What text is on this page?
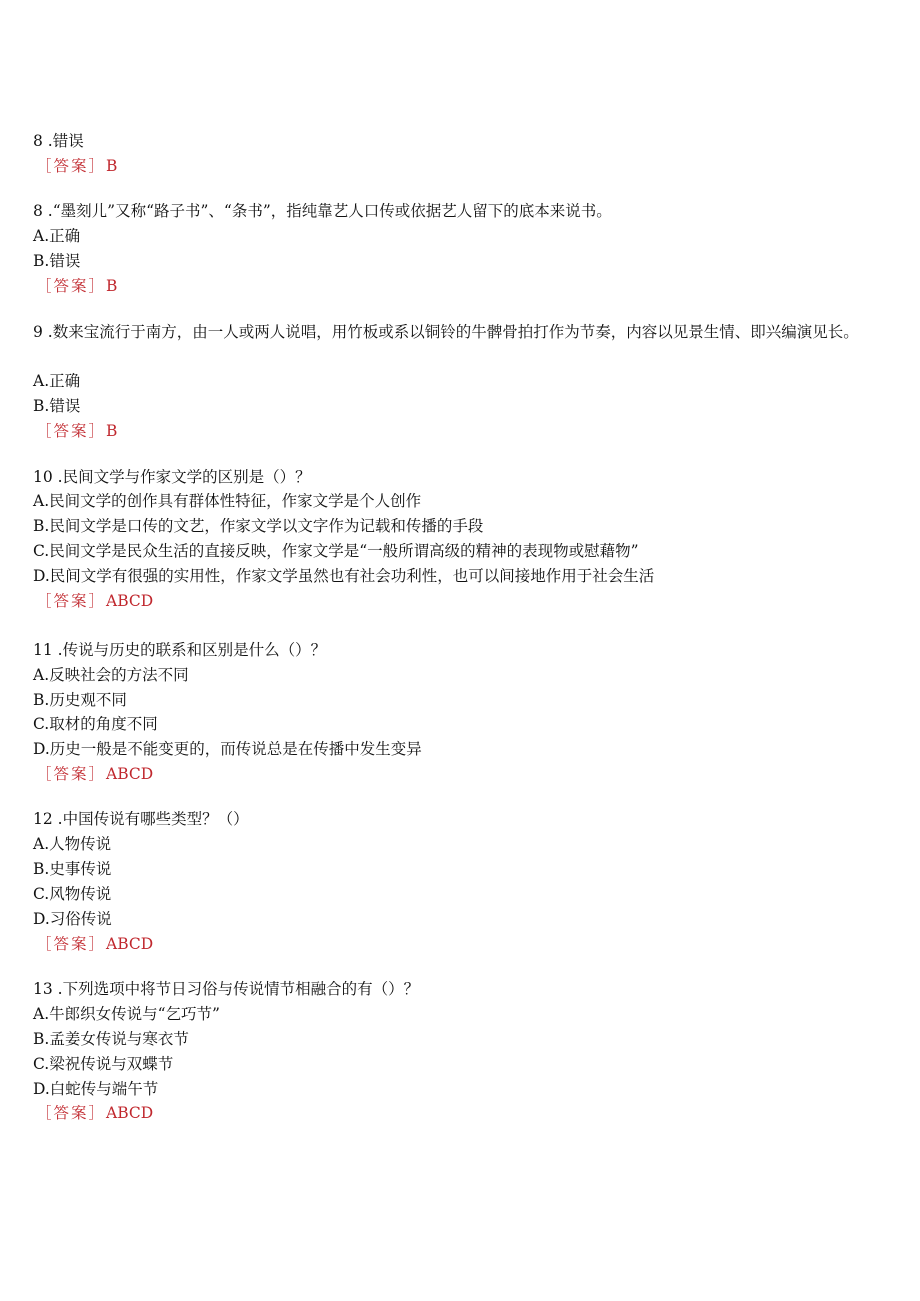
8 .错误
［答案］B
8 .“墨刻儿”又称“路子书”、“条书”，指纯靠艺人口传或依据艺人留下的底本来说书。
A.正确
B.错误
［答案］B
9 .数来宝流行于南方，由一人或两人说唱，用竹板或系以铜铃的牛髀骨拍打作为节奏，内容以见景生情、即兴编演见长。
A.正确
B.错误
［答案］B
10 .民间文学与作家文学的区别是（）？
A.民间文学的创作具有群体性特征，作家文学是个人创作
B.民间文学是口传的文艺，作家文学以文字作为记载和传播的手段
C.民间文学是民众生活的直接反映，作家文学是“一般所谓高级的精神的表现物或慰藉物”
D.民间文学有很强的实用性，作家文学虽然也有社会功利性，也可以间接地作用于社会生活
［答案］ABCD
11 .传说与历史的联系和区别是什么（）？
A.反映社会的方法不同
B.历史观不同
C.取材的角度不同
D.历史一般是不能变更的，而传说总是在传播中发生变异
［答案］ABCD
12 .中国传说有哪些类型？（）
A.人物传说
B.史事传说
C.风物传说
D.习俗传说
［答案］ABCD
13 .下列选项中将节日习俗与传说情节相融合的有（）？
A.牛郎织女传说与“乞巧节”
B.孟姜女传说与寒衣节
C.梁祝传说与双蝶节
D.白蛇传与端午节
［答案］ABCD
